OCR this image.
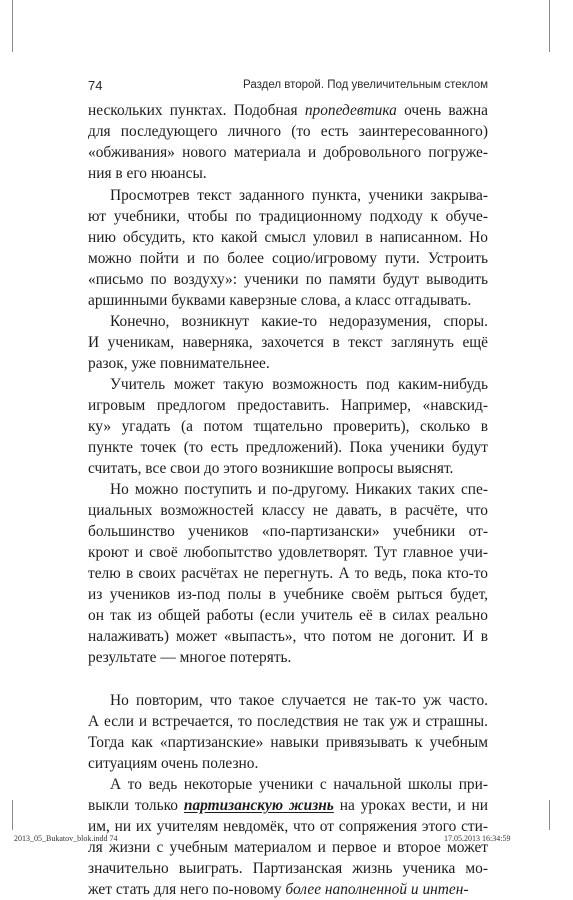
74	Раздел второй. Под увеличительным стеклом
нескольких пунктах. Подобная пропедевтика очень важна
для последующего личного (то есть заинтересованного)
«обживания» нового материала и добровольного погруже-
ния в его нюансы.
Просмотрев текст заданного пункта, ученики закрыва-
ют учебники, чтобы по традиционному подходу к обуче-
нию обсудить, кто какой смысл уловил в написанном. Но
можно пойти и по более социо/игровому пути. Устроить
«письмо по воздуху»: ученики по памяти будут выводить
аршинными буквами каверзные слова, а класс отгадывать.
Конечно, возникнут какие-то недоразумения, споры.
И ученикам, наверняка, захочется в текст заглянуть ещё
разок, уже повнимательнее.
Учитель может такую возможность под каким-нибудь
игровым предлогом предоставить. Например, «навскид-
ку» угадать (а потом тщательно проверить), сколько в
пункте точек (то есть предложений). Пока ученики будут
считать, все свои до этого возникшие вопросы выяснят.
Но можно поступить и по-другому. Никаких таких спе-
циальных возможностей классу не давать, в расчёте, что
большинство учеников «по-партизански» учебники от-
кроют и своё любопытство удовлетворят. Тут главное учи-
телю в своих расчётах не перегнуть. А то ведь, пока кто-то
из учеников из-под полы в учебнике своём рыться будет,
он так из общей работы (если учитель её в силах реально
налаживать) может «выпасть», что потом не догонит. И в
результате — многое потерять.
Но повторим, что такое случается не так-то уж часто.
А если и встречается, то последствия не так уж и страшны.
Тогда как «партизанские» навыки привязывать к учебным
ситуациям очень полезно.
А то ведь некоторые ученики с начальной школы при-
выкли только партизанскую жизнь на уроках вести, и ни
им, ни их учителям невдомёк, что от сопряжения этого сти-
ля жизни с учебным материалом и первое и второе может
значительно выиграть. Партизанская жизнь ученика мо-
жет стать для него по-новому более наполненной и интен-
2013_05_Bukatov_blok.indd 74	17.05.2013 16:34:59
